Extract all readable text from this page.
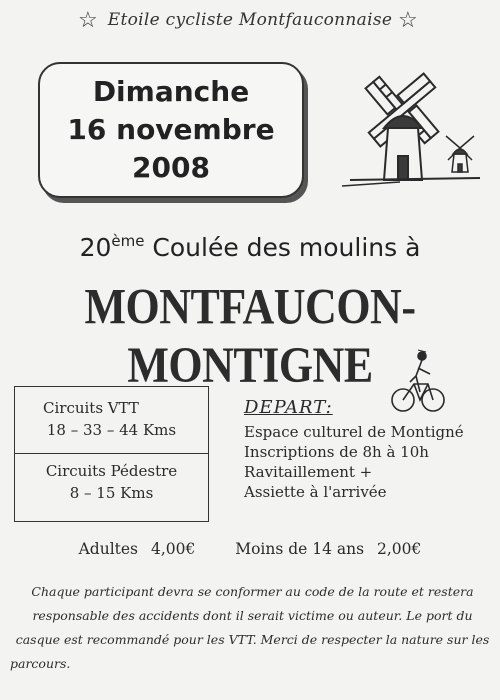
☆ Etoile cycliste Montfauconnaise ☆
Dimanche
16 novembre
2008
20ème Coulée des moulins à
MONTFAUCON-MONTIGNE
Circuits VTT
18 – 33 – 44 Kms
Circuits Pédestre
8 – 15 Kms
DEPART:
Espace culturel de Montigné
Inscriptions de 8h à 10h
Ravitaillement +
Assiette à l'arrivée
Adultes 4,00€	Moins de 14 ans 2,00€
Chaque participant devra se conformer au code de la route et restera responsable des accidents dont il serait victime ou auteur. Le port du casque est recommandé pour les VTT. Merci de respecter la nature sur les parcours.
